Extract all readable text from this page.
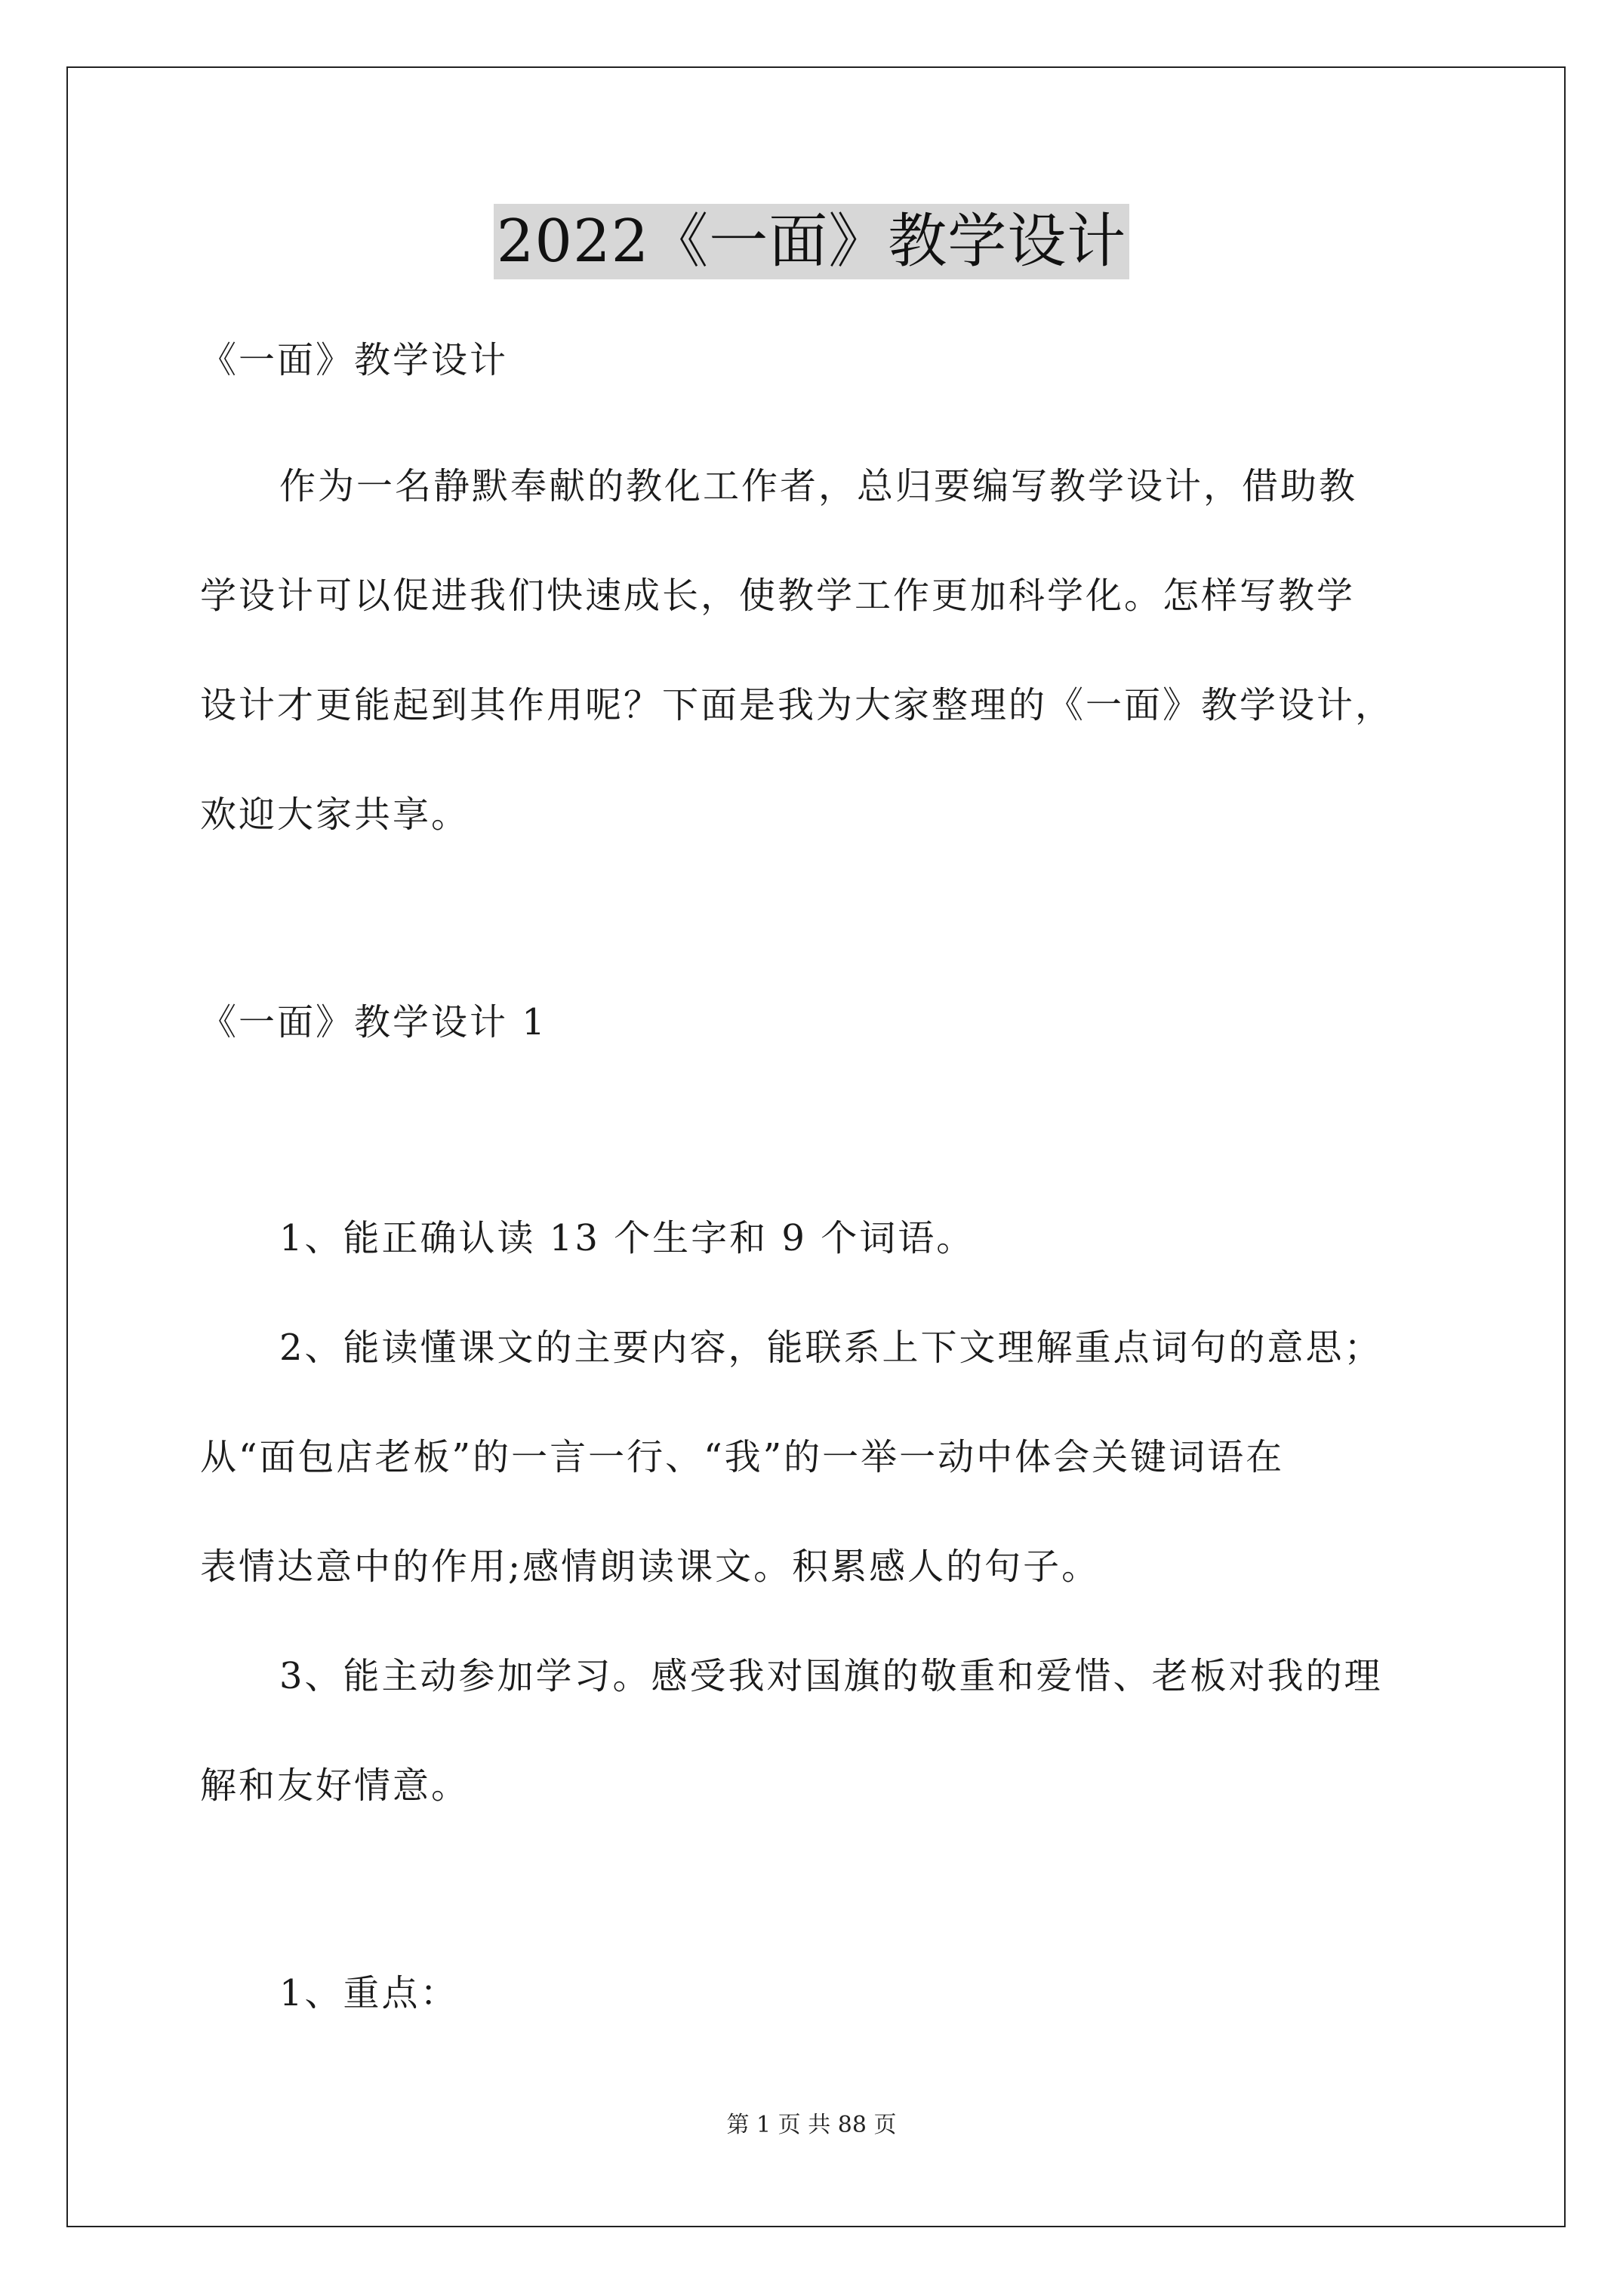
2022《一面》教学设计
《一面》教学设计
作为一名静默奉献的教化工作者，总归要编写教学设计，借助教
学设计可以促进我们快速成长，使教学工作更加科学化。怎样写教学
设计才更能起到其作用呢？下面是我为大家整理的《一面》教学设计，
欢迎大家共享。
《一面》教学设计 1
1、能正确认读 13 个生字和 9 个词语。
2、能读懂课文的主要内容，能联系上下文理解重点词句的意思；
从“面包店老板”的一言一行、“我”的一举一动中体会关键词语在
表情达意中的作用;感情朗读课文。积累感人的句子。
3、能主动参加学习。感受我对国旗的敬重和爱惜、老板对我的理
解和友好情意。
1、重点：
第 1 页 共 88 页
